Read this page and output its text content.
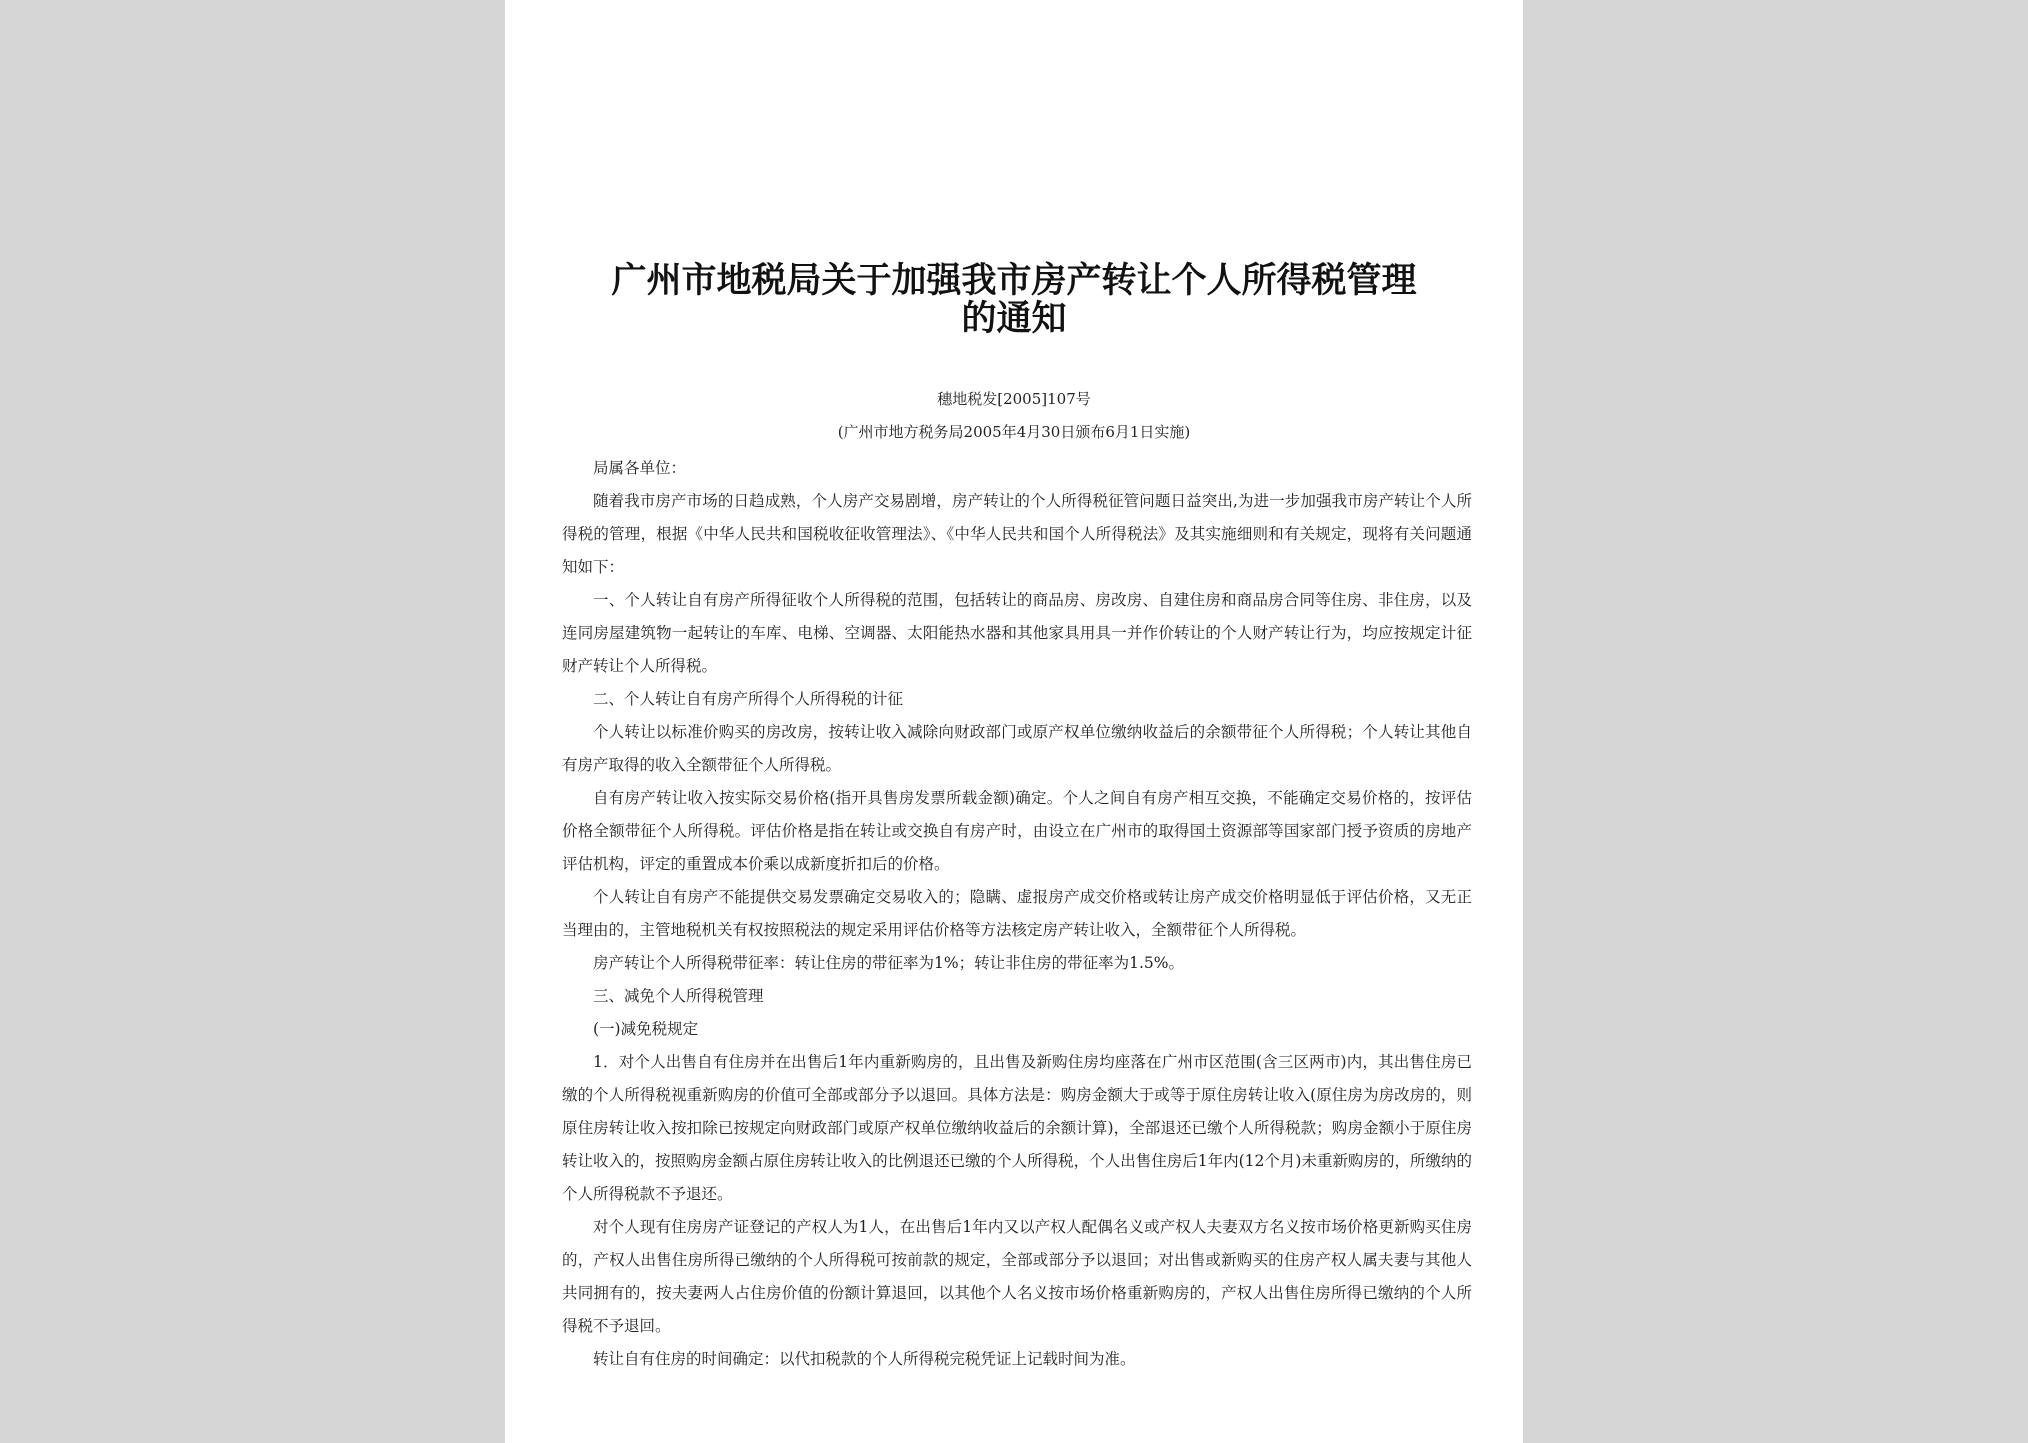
广州市地税局关于加强我市房产转让个人所得税管理
的通知
穗地税发[2005]107号
(广州市地方税务局2005年4月30日颁布6月1日实施)

局属各单位：

随着我市房产市场的日趋成熟，个人房产交易剧增，房产转让的个人所得税征管问题日益突出,为进一步加强我市房产转让个人所得税的管理，根据《中华人民共和国税收征收管理法》、《中华人民共和国个人所得税法》及其实施细则和有关规定，现将有关问题通知如下：

一、个人转让自有房产所得征收个人所得税的范围，包括转让的商品房、房改房、自建住房和商品房合同等住房、非住房，以及连同房屋建筑物一起转让的车库、电梯、空调器、太阳能热水器和其他家具用具一并作价转让的个人财产转让行为，均应按规定计征财产转让个人所得税。

二、个人转让自有房产所得个人所得税的计征

个人转让以标准价购买的房改房，按转让收入减除向财政部门或原产权单位缴纳收益后的余额带征个人所得税；个人转让其他自有房产取得的收入全额带征个人所得税。

自有房产转让收入按实际交易价格(指开具售房发票所载金额)确定。个人之间自有房产相互交换，不能确定交易价格的，按评估价格全额带征个人所得税。评估价格是指在转让或交换自有房产时，由设立在广州市的取得国土资源部等国家部门授予资质的房地产评估机构，评定的重置成本价乘以成新度折扣后的价格。

个人转让自有房产不能提供交易发票确定交易收入的；隐瞒、虚报房产成交价格或转让房产成交价格明显低于评估价格，又无正当理由的，主管地税机关有权按照税法的规定采用评估价格等方法核定房产转让收入，全额带征个人所得税。

房产转让个人所得税带征率：转让住房的带征率为1%；转让非住房的带征率为1.5%。

三、减免个人所得税管理

(一)减免税规定

1．对个人出售自有住房并在出售后1年内重新购房的，且出售及新购住房均座落在广州市区范围(含三区两市)内，其出售住房已缴的个人所得税视重新购房的价值可全部或部分予以退回。具体方法是：购房金额大于或等于原住房转让收入(原住房为房改房的，则原住房转让收入按扣除已按规定向财政部门或原产权单位缴纳收益后的余额计算)，全部退还已缴个人所得税款；购房金额小于原住房转让收入的，按照购房金额占原住房转让收入的比例退还已缴的个人所得税，个人出售住房后1年内(12个月)未重新购房的，所缴纳的个人所得税款不予退还。

对个人现有住房房产证登记的产权人为1人，在出售后1年内又以产权人配偶名义或产权人夫妻双方名义按市场价格更新购买住房的，产权人出售住房所得已缴纳的个人所得税可按前款的规定，全部或部分予以退回；对出售或新购买的住房产权人属夫妻与其他人共同拥有的，按夫妻两人占住房价值的份额计算退回，以其他个人名义按市场价格重新购房的，产权人出售住房所得已缴纳的个人所得税不予退回。

转让自有住房的时间确定：以代扣税款的个人所得税完税凭证上记载时间为准。
